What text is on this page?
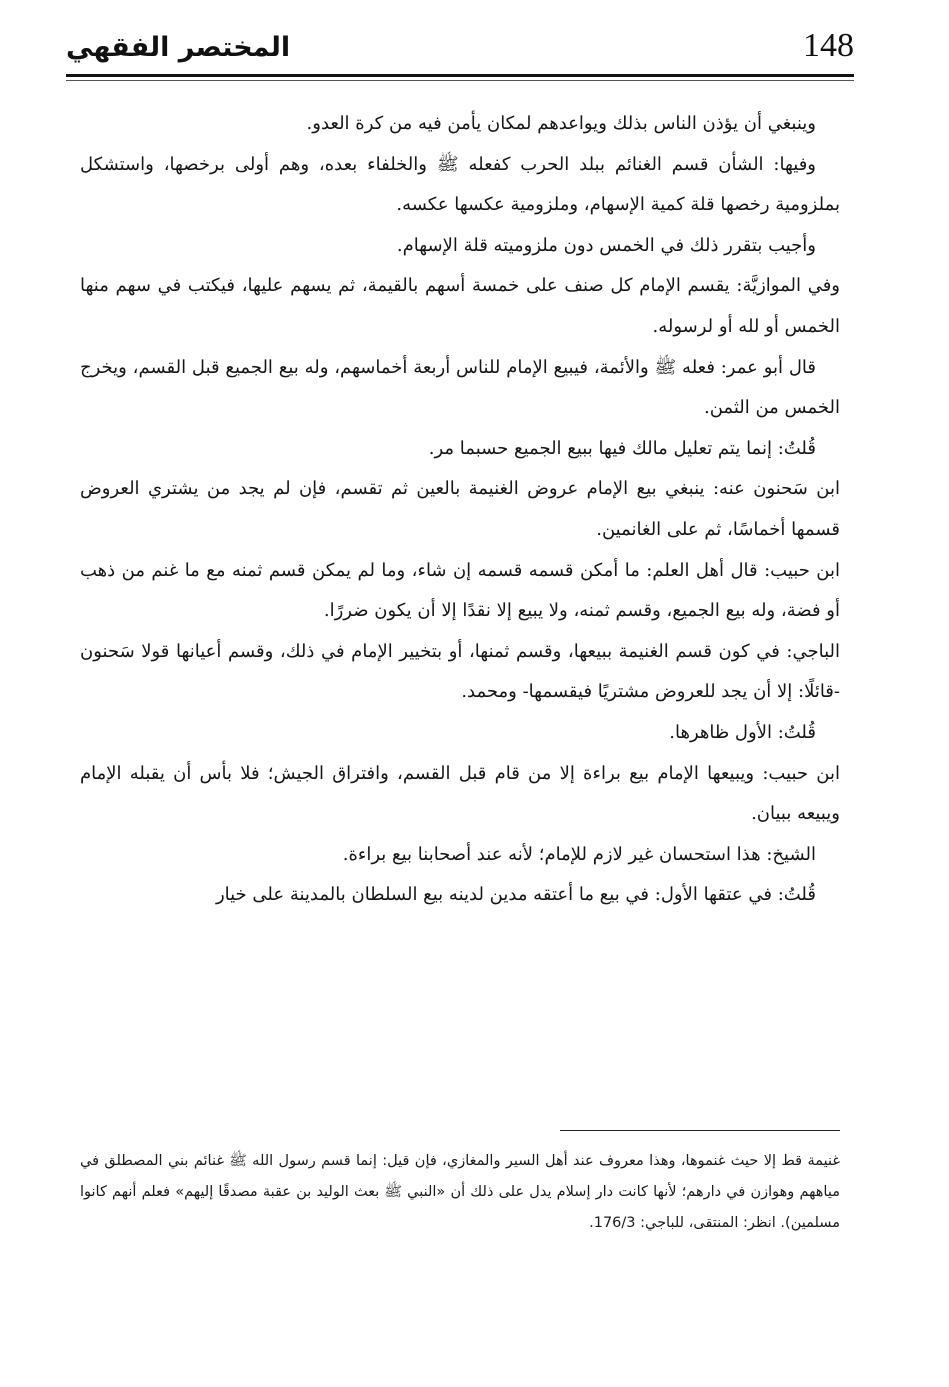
148
المختصر الفقهي

وينبغي أن يؤذن الناس بذلك ويواعدهم لمكان يأمن فيه من كرة العدو.

وفيها: الشأن قسم الغنائم ببلد الحرب كفعله ﷺ والخلفاء بعده، وهم أولى برخصها، واستشكل بملزومية رخصها قلة كمية الإسهام، وملزومية عكسها عكسه.

وأجيب بتقرر ذلك في الخمس دون ملزوميته قلة الإسهام.

وفي الموازيَّة: يقسم الإمام كل صنف على خمسة أسهم بالقيمة، ثم يسهم عليها، فيكتب في سهم منها الخمس أو لله أو لرسوله.

قال أبو عمر: فعله ﷺ والأئمة، فيبيع الإمام للناس أربعة أخماسهم، وله بيع الجميع قبل القسم، ويخرج الخمس من الثمن.

قُلتُ: إنما يتم تعليل مالك فيها ببيع الجميع حسبما مر.

ابن سَحنون عنه: ينبغي بيع الإمام عروض الغنيمة بالعين ثم تقسم، فإن لم يجد من يشتري العروض قسمها أخماسًا، ثم على الغانمين.

ابن حبيب: قال أهل العلم: ما أمكن قسمه قسمه إن شاء، وما لم يمكن قسم ثمنه مع ما غنم من ذهب أو فضة، وله بيع الجميع، وقسم ثمنه، ولا يبيع إلا نقدًا إلا أن يكون ضررًا.

الباجي: في كون قسم الغنيمة ببيعها، وقسم ثمنها، أو بتخيير الإمام في ذلك، وقسم أعيانها قولا سَحنون -قائلًا: إلا أن يجد للعروض مشتريًا فيقسمها- ومحمد.

قُلتُ: الأول ظاهرها.

ابن حبيب: ويبيعها الإمام بيع براءة إلا من قام قبل القسم، وافتراق الجيش؛ فلا بأس أن يقبله الإمام ويبيعه ببيان.

الشيخ: هذا استحسان غير لازم للإمام؛ لأنه عند أصحابنا بيع براءة.

قُلتُ: في عتقها الأول: في بيع ما أعتقه مدين لدينه بيع السلطان بالمدينة على خيار

غنيمة قط إلا حيث غنموها، وهذا معروف عند أهل السير والمغازي، فإن قيل: إنما قسم رسول الله ﷺ غنائم بني المصطلق في مياههم وهوازن في دارهم؛ لأنها كانت دار إسلام يدل على ذلك أن «النبي ﷺ بعث الوليد بن عقبة مصدقًا إليهم» فعلم أنهم كانوا مسلمين). انظر: المنتقى، للباجي: 176/3.
